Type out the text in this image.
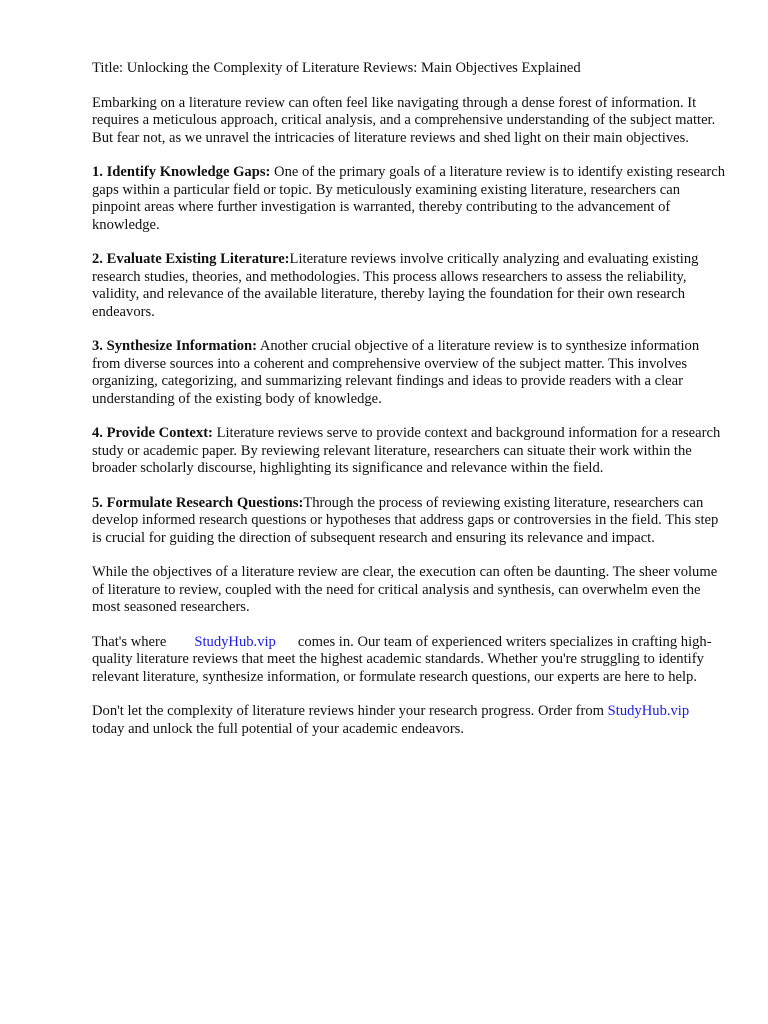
Title: Unlocking the Complexity of Literature Reviews: Main Objectives Explained

Embarking on a literature review can often feel like navigating through a dense forest of information. It requires a meticulous approach, critical analysis, and a comprehensive understanding of the subject matter. But fear not, as we unravel the intricacies of literature reviews and shed light on their main objectives.

1. Identify Knowledge Gaps: One of the primary goals of a literature review is to identify existing research gaps within a particular field or topic. By meticulously examining existing literature, researchers can pinpoint areas where further investigation is warranted, thereby contributing to the advancement of knowledge.

2. Evaluate Existing Literature:Literature reviews involve critically analyzing and evaluating existing research studies, theories, and methodologies. This process allows researchers to assess the reliability, validity, and relevance of the available literature, thereby laying the foundation for their own research endeavors.

3. Synthesize Information: Another crucial objective of a literature review is to synthesize information from diverse sources into a coherent and comprehensive overview of the subject matter. This involves organizing, categorizing, and summarizing relevant findings and ideas to provide readers with a clear understanding of the existing body of knowledge.

4. Provide Context: Literature reviews serve to provide context and background information for a research study or academic paper. By reviewing relevant literature, researchers can situate their work within the broader scholarly discourse, highlighting its significance and relevance within the field.

5. Formulate Research Questions:Through the process of reviewing existing literature, researchers can develop informed research questions or hypotheses that address gaps or controversies in the field. This step is crucial for guiding the direction of subsequent research and ensuring its relevance and impact.

While the objectives of a literature review are clear, the execution can often be daunting. The sheer volume of literature to review, coupled with the need for critical analysis and synthesis, can overwhelm even the most seasoned researchers.

That's where StudyHub.vip comes in. Our team of experienced writers specializes in crafting high-quality literature reviews that meet the highest academic standards. Whether you're struggling to identify relevant literature, synthesize information, or formulate research questions, our experts are here to help.

Don't let the complexity of literature reviews hinder your research progress. Order from StudyHub.viptoday and unlock the full potential of your academic endeavors.
